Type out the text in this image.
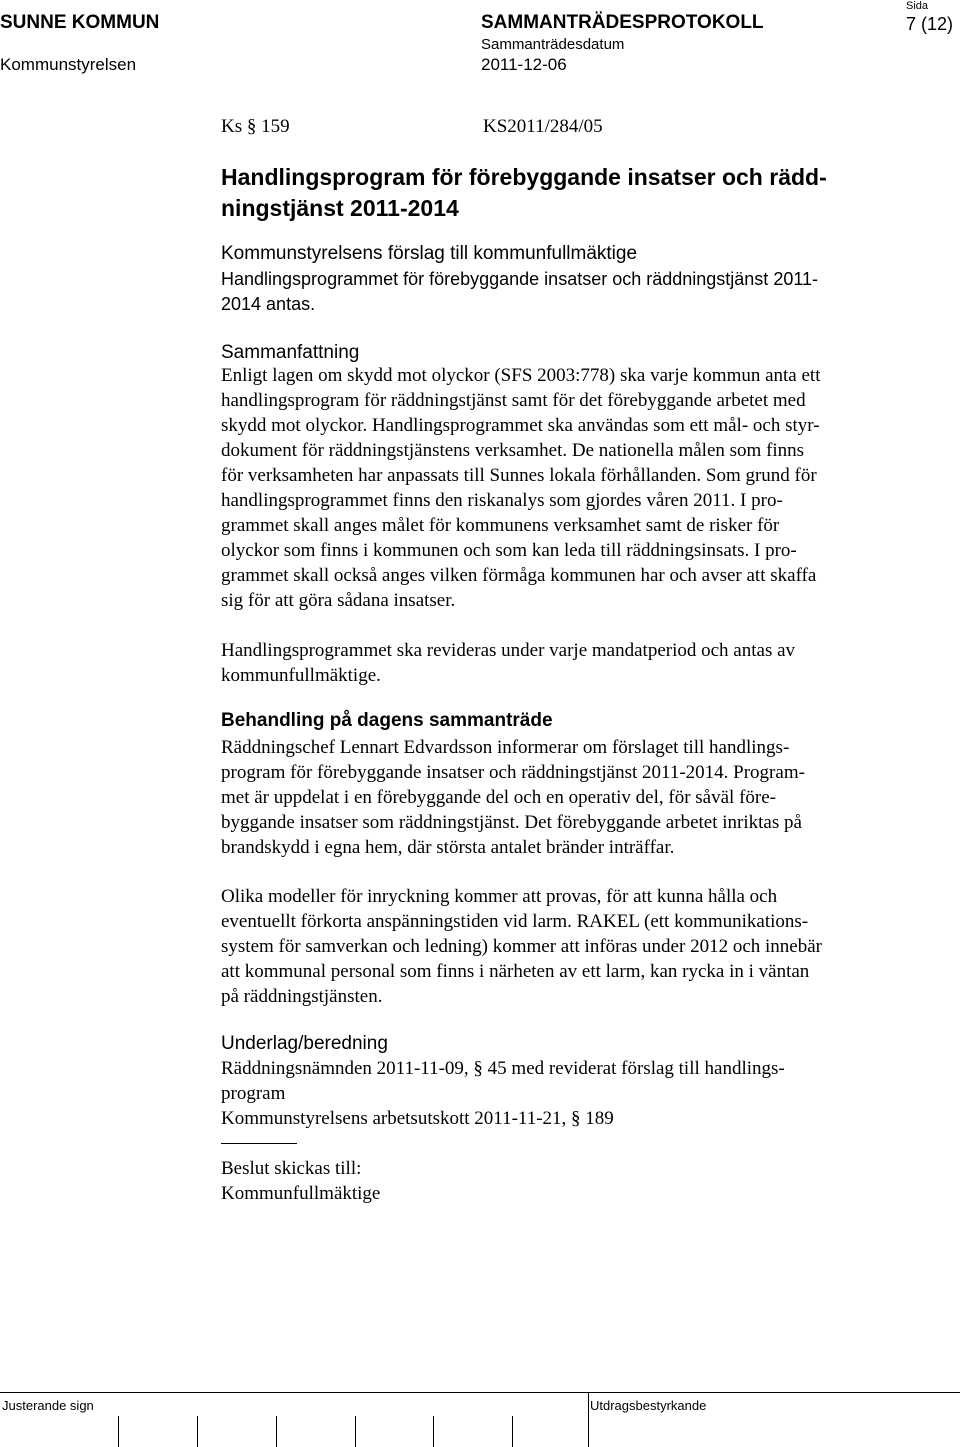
SUNNE KOMMUN
Kommunstyrelsen
SAMMANTRÄDESPROTOKOLL
Sammanträdesdatum
2011-12-06
Sida
7 (12)
Ks § 159	KS2011/284/05
Handlingsprogram för förebyggande insatser och rädd-
ningstjänst 2011-2014
Kommunstyrelsens förslag till kommunfullmäktige
Handlingsprogrammet för förebyggande insatser och räddningstjänst 2011-
2014 antas.
Sammanfattning
Enligt lagen om skydd mot olyckor (SFS 2003:778) ska varje kommun anta ett
handlingsprogram för räddningstjänst samt för det förebyggande arbetet med
skydd mot olyckor. Handlingsprogrammet ska användas som ett mål- och styr-
dokument för räddningstjänstens verksamhet. De nationella målen som finns
för verksamheten har anpassats till Sunnes lokala förhållanden. Som grund för
handlingsprogrammet finns den riskanalys som gjordes våren 2011. I pro-
grammet skall anges målet för kommunens verksamhet samt de risker för
olyckor som finns i kommunen och som kan leda till räddningsinsats. I pro-
grammet skall också anges vilken förmåga kommunen har och avser att skaffa
sig för att göra sådana insatser.
Handlingsprogrammet ska revideras under varje mandatperiod och antas av
kommunfullmäktige.
Behandling på dagens sammanträde
Räddningschef Lennart Edvardsson informerar om förslaget till handlings-
program för förebyggande insatser och räddningstjänst 2011-2014. Program-
met är uppdelat i en förebyggande del och en operativ del, för såväl före-
byggande insatser som räddningstjänst. Det förebyggande arbetet inriktas på
brandskydd i egna hem, där största antalet bränder inträffar.
Olika modeller för inryckning kommer att provas, för att kunna hålla och
eventuellt förkorta anspänningstiden vid larm. RAKEL (ett kommunikations-
system för samverkan och ledning) kommer att införas under 2012 och innebär
att kommunal personal som finns i närheten av ett larm, kan rycka in i väntan
på räddningstjänsten.
Underlag/beredning
Räddningsnämnden 2011-11-09, § 45 med reviderat förslag till handlings-
program
Kommunstyrelsens arbetsutskott 2011-11-21, § 189
Beslut skickas till:
Kommunfullmäktige
Justerande sign	Utdragsbestyrkande
